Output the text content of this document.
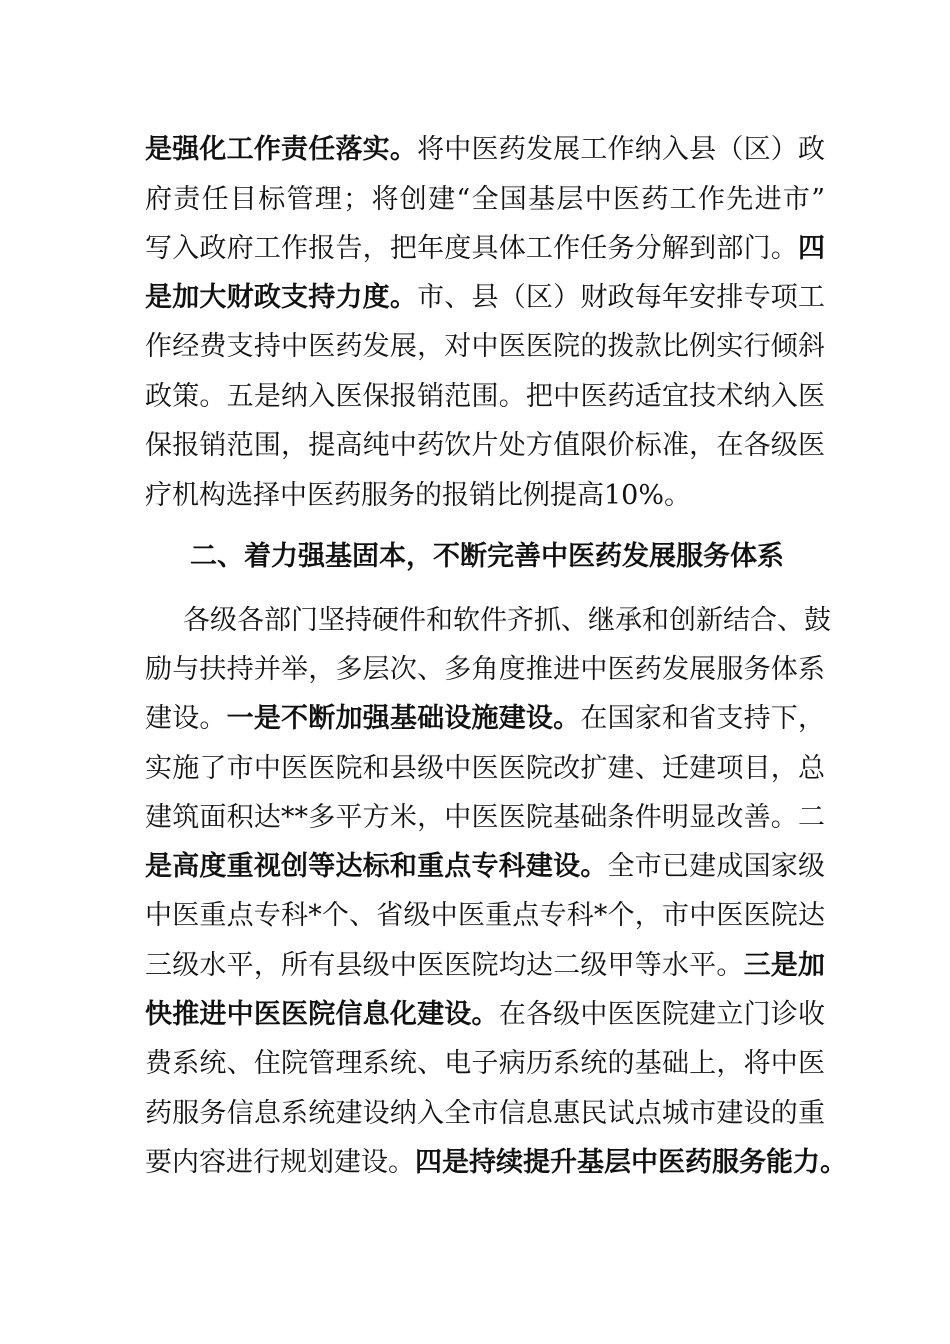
是强化工作责任落实。将中医药发展工作纳入县（区）政
府责任目标管理；将创建“全国基层中医药工作先进市”
写入政府工作报告，把年度具体工作任务分解到部门。四
是加大财政支持力度。市、县（区）财政每年安排专项工
作经费支持中医药发展，对中医医院的拨款比例实行倾斜
政策。五是纳入医保报销范围。把中医药适宜技术纳入医
保报销范围，提高纯中药饮片处方值限价标准，在各级医
疗机构选择中医药服务的报销比例提高10%。
二、着力强基固本，不断完善中医药发展服务体系
各级各部门坚持硬件和软件齐抓、继承和创新结合、鼓
励与扶持并举，多层次、多角度推进中医药发展服务体系
建设。一是不断加强基础设施建设。在国家和省支持下，
实施了市中医医院和县级中医医院改扩建、迁建项目，总
建筑面积达**多平方米，中医医院基础条件明显改善。二
是高度重视创等达标和重点专科建设。全市已建成国家级
中医重点专科*个、省级中医重点专科*个，市中医医院达
三级水平，所有县级中医医院均达二级甲等水平。三是加
快推进中医医院信息化建设。在各级中医医院建立门诊收
费系统、住院管理系统、电子病历系统的基础上，将中医
药服务信息系统建设纳入全市信息惠民试点城市建设的重
要内容进行规划建设。四是持续提升基层中医药服务能力。
